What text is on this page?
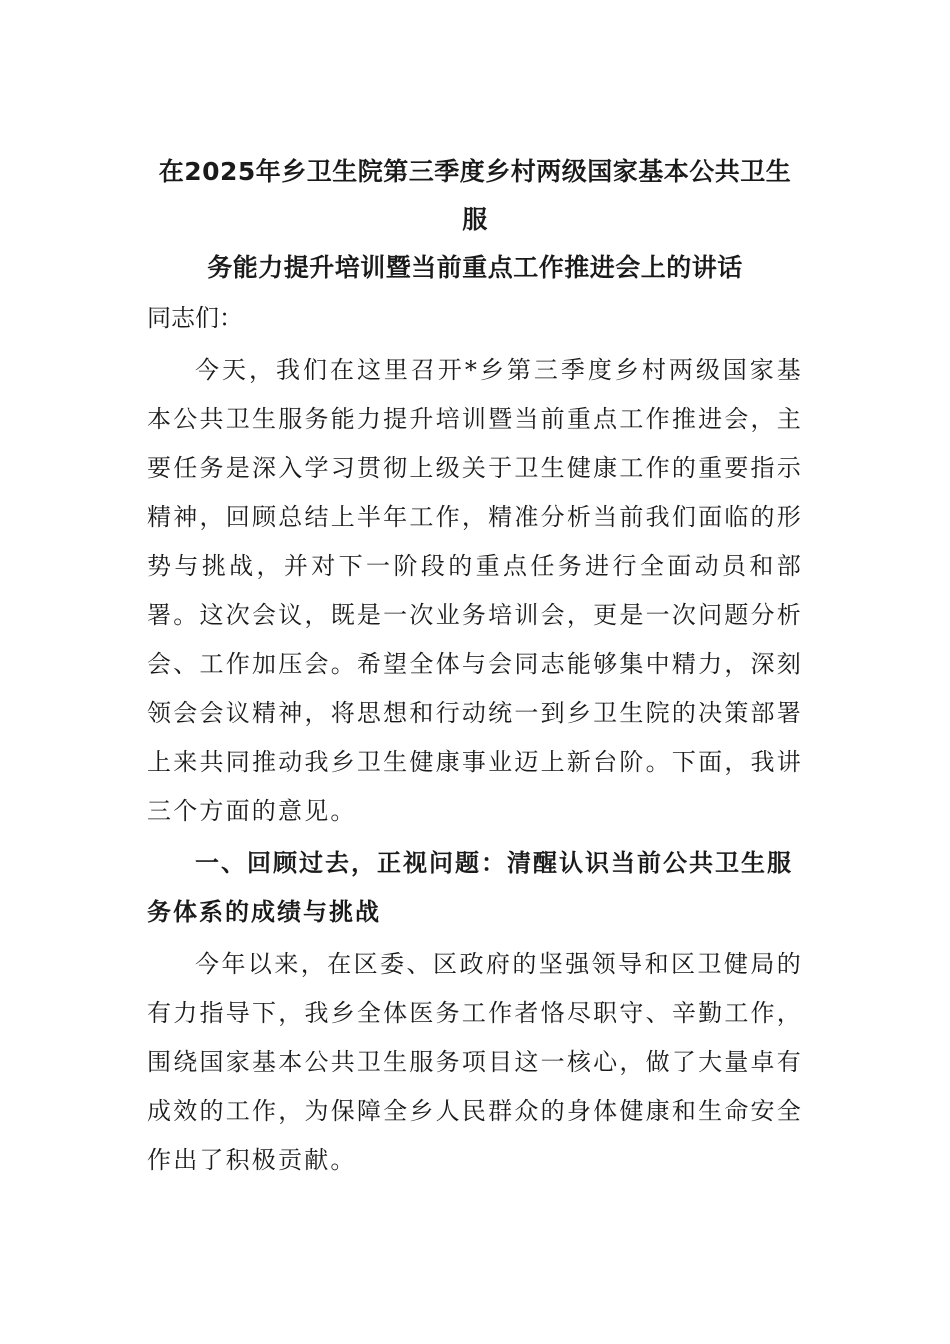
在2025年乡卫生院第三季度乡村两级国家基本公共卫生服
务能力提升培训暨当前重点工作推进会上的讲话

同志们：

今天，我们在这里召开*乡第三季度乡村两级国家基本公共卫生服务能力提升培训暨当前重点工作推进会，主要任务是深入学习贯彻上级关于卫生健康工作的重要指示精神，回顾总结上半年工作，精准分析当前我们面临的形势与挑战，并对下一阶段的重点任务进行全面动员和部署。这次会议，既是一次业务培训会，更是一次问题分析会、工作加压会。希望全体与会同志能够集中精力，深刻领会会议精神，将思想和行动统一到乡卫生院的决策部署上来共同推动我乡卫生健康事业迈上新台阶。下面，我讲三个方面的意见。

一、回顾过去，正视问题：清醒认识当前公共卫生服务体系的成绩与挑战

今年以来，在区委、区政府的坚强领导和区卫健局的有力指导下，我乡全体医务工作者恪尽职守、辛勤工作，围绕国家基本公共卫生服务项目这一核心，做了大量卓有成效的工作，为保障全乡人民群众的身体健康和生命安全作出了积极贡献。
